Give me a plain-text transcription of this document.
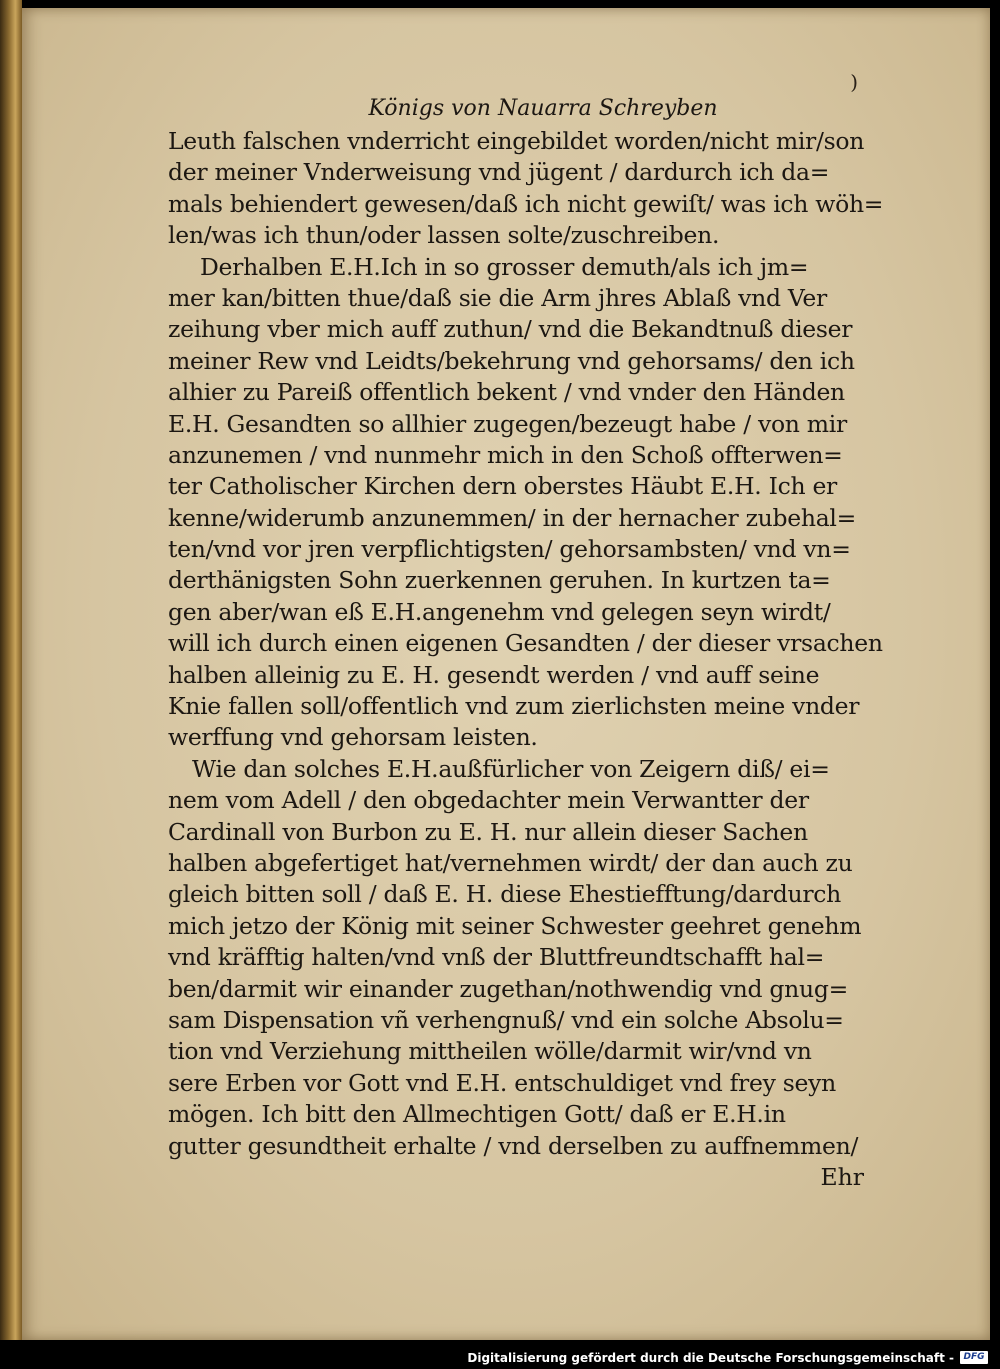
)
Königs von Nauarra Schreyben
Leuth falschen vnderricht eingebildet worden/nicht mir/son
der meiner Vnderweisung vnd jügent / dardurch ich da=
mals behiendert gewesen/daß ich nicht gewiſt/ was ich wöh=
len/was ich thun/oder lassen solte/zuschreiben.
Derhalben E.H.Ich in so grosser demuth/als ich jm=
mer kan/bitten thue/daß sie die Arm jhres Ablaß vnd Ver
zeihung vber mich auff zuthun/ vnd die Bekandtnuß dieser
meiner Rew vnd Leidts/bekehrung vnd gehorsams/ den ich
alhier zu Pareiß offentlich bekent / vnd vnder den Händen
E.H. Gesandten so allhier zugegen/bezeugt habe / von mir
anzunemen / vnd nunmehr mich in den Schoß offterwen=
ter Catholischer Kirchen dern oberstes Häubt E.H. Ich er
kenne/widerumb anzunemmen/ in der hernacher zubehal=
ten/vnd vor jren verpflichtigsten/ gehorsambsten/ vnd vn=
derthänigsten Sohn zuerkennen geruhen. In kurtzen ta=
gen aber/wan eß E.H.angenehm vnd gelegen seyn wirdt/
will ich durch einen eigenen Gesandten / der dieser vrsachen
halben alleinig zu E. H. gesendt werden / vnd auff seine
Knie fallen soll/offentlich vnd zum zierlichsten meine vnder
werffung vnd gehorsam leisten.
Wie dan solches E.H.außfürlicher von Zeigern diß/ ei=
nem vom Adell / den obgedachter mein Verwantter der
Cardinall von Burbon zu E. H. nur allein dieser Sachen
halben abgefertiget hat/vernehmen wirdt/ der dan auch zu
gleich bitten soll / daß E. H. diese Ehestiefftung/dardurch
mich jetzo der König mit seiner Schwester geehret genehm
vnd kräfftig halten/vnd vnß der Bluttfreundtschafft hal=
ben/darmit wir einander zugethan/nothwendig vnd gnug=
sam Dispensation vñ verhengnuß/ vnd ein solche Absolu=
tion vnd Verziehung mittheilen wölle/darmit wir/vnd vn
sere Erben vor Gott vnd E.H. entschuldiget vnd frey seyn
mögen. Ich bitt den Allmechtigen Gott/ daß er E.H.in
gutter gesundtheit erhalte / vnd derselben zu auffnemmen/
Ehr
Digitalisierung gefördert durch die Deutsche Forschungsgemeinschaft -	DFG
